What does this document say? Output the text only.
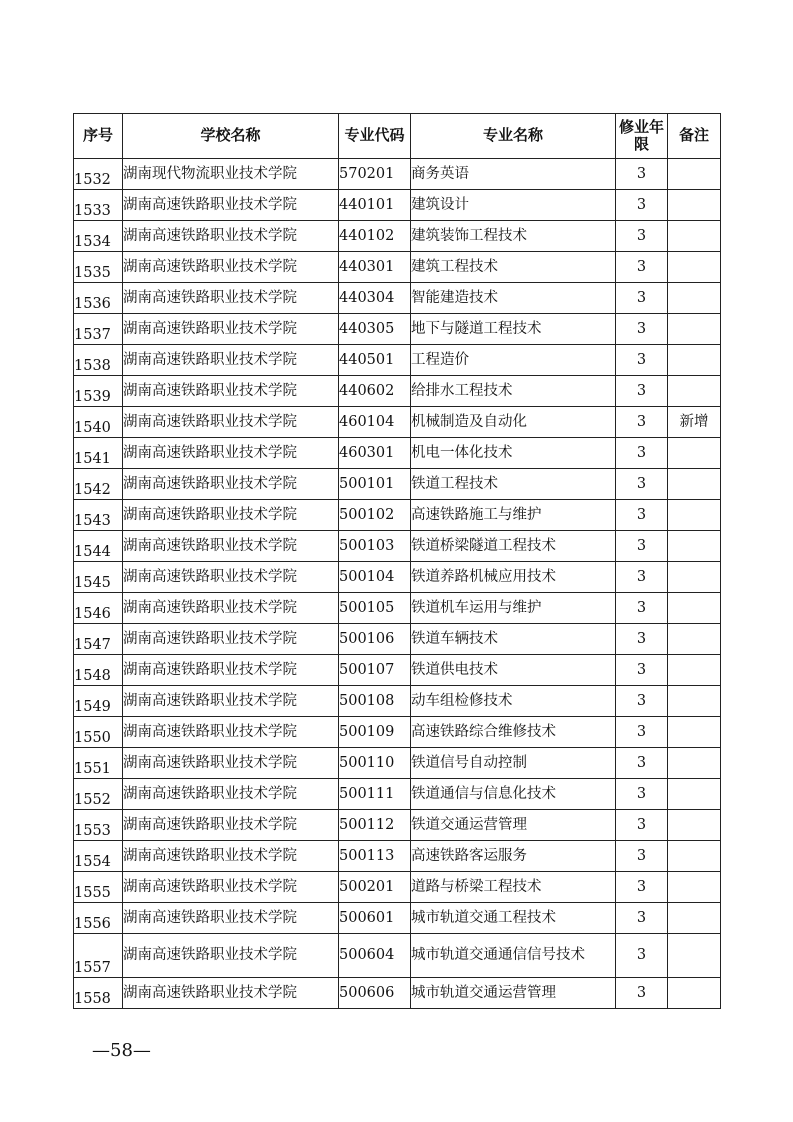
序号	学校名称	专业代码	专业名称	修业年限	备注
1532	湖南现代物流职业技术学院	570201	商务英语	3	
1533	湖南高速铁路职业技术学院	440101	建筑设计	3	
1534	湖南高速铁路职业技术学院	440102	建筑装饰工程技术	3	
1535	湖南高速铁路职业技术学院	440301	建筑工程技术	3	
1536	湖南高速铁路职业技术学院	440304	智能建造技术	3	
1537	湖南高速铁路职业技术学院	440305	地下与隧道工程技术	3	
1538	湖南高速铁路职业技术学院	440501	工程造价	3	
1539	湖南高速铁路职业技术学院	440602	给排水工程技术	3	
1540	湖南高速铁路职业技术学院	460104	机械制造及自动化	3	新增
1541	湖南高速铁路职业技术学院	460301	机电一体化技术	3	
1542	湖南高速铁路职业技术学院	500101	铁道工程技术	3	
1543	湖南高速铁路职业技术学院	500102	高速铁路施工与维护	3	
1544	湖南高速铁路职业技术学院	500103	铁道桥梁隧道工程技术	3	
1545	湖南高速铁路职业技术学院	500104	铁道养路机械应用技术	3	
1546	湖南高速铁路职业技术学院	500105	铁道机车运用与维护	3	
1547	湖南高速铁路职业技术学院	500106	铁道车辆技术	3	
1548	湖南高速铁路职业技术学院	500107	铁道供电技术	3	
1549	湖南高速铁路职业技术学院	500108	动车组检修技术	3	
1550	湖南高速铁路职业技术学院	500109	高速铁路综合维修技术	3	
1551	湖南高速铁路职业技术学院	500110	铁道信号自动控制	3	
1552	湖南高速铁路职业技术学院	500111	铁道通信与信息化技术	3	
1553	湖南高速铁路职业技术学院	500112	铁道交通运营管理	3	
1554	湖南高速铁路职业技术学院	500113	高速铁路客运服务	3	
1555	湖南高速铁路职业技术学院	500201	道路与桥梁工程技术	3	
1556	湖南高速铁路职业技术学院	500601	城市轨道交通工程技术	3	
1557	湖南高速铁路职业技术学院	500604	城市轨道交通通信信号技术	3	
1558	湖南高速铁路职业技术学院	500606	城市轨道交通运营管理	3	
—58—
